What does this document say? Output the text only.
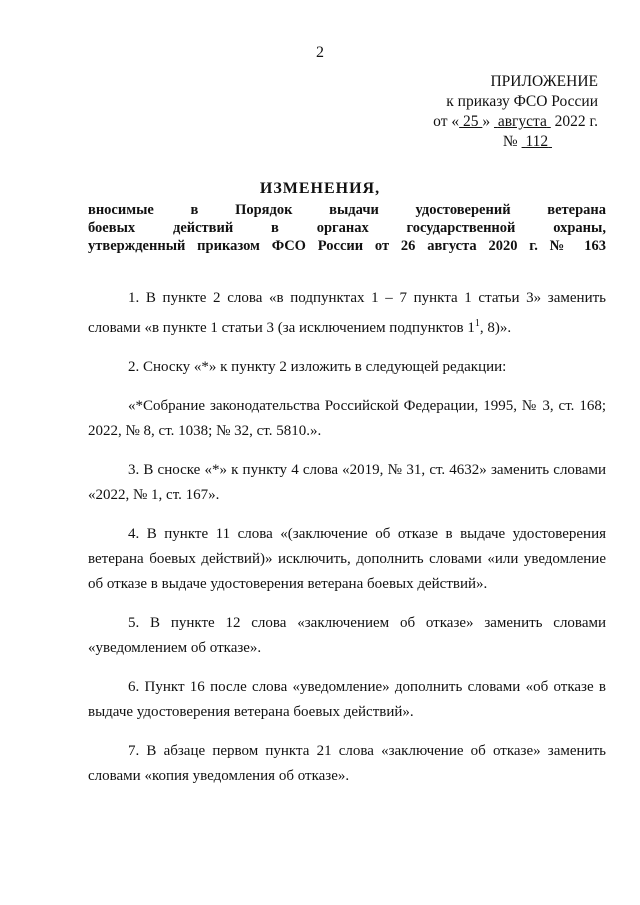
2
ПРИЛОЖЕНИЕ
к приказу ФСО России
от « 25 » августа 2022 г.
№ 112
ИЗМЕНЕНИЯ,
вносимые в Порядок выдачи удостоверений ветерана
боевых действий в органах государственной охраны,
утвержденный приказом ФСО России от 26 августа 2020 г. № 163

1. В пункте 2 слова «в подпунктах 1 – 7 пункта 1 статьи 3» заменить словами «в пункте 1 статьи 3 (за исключением подпунктов $1^1$, 8)».

2. Сноску «*» к пункту 2 изложить в следующей редакции:

«*Собрание законодательства Российской Федерации, 1995, № 3, ст. 168; 2022, № 8, ст. 1038; № 32, ст. 5810.».

3. В сноске «*» к пункту 4 слова «2019, № 31, ст. 4632» заменить словами «2022, № 1, ст. 167».

4. В пункте 11 слова «(заключение об отказе в выдаче удостоверения ветерана боевых действий)» исключить, дополнить словами «или уведомление об отказе в выдаче удостоверения ветерана боевых действий».

5. В пункте 12 слова «заключением об отказе» заменить словами «уведомлением об отказе».

6. Пункт 16 после слова «уведомление» дополнить словами «об отказе в выдаче удостоверения ветерана боевых действий».

7. В абзаце первом пункта 21 слова «заключение об отказе» заменить словами «копия уведомления об отказе».
